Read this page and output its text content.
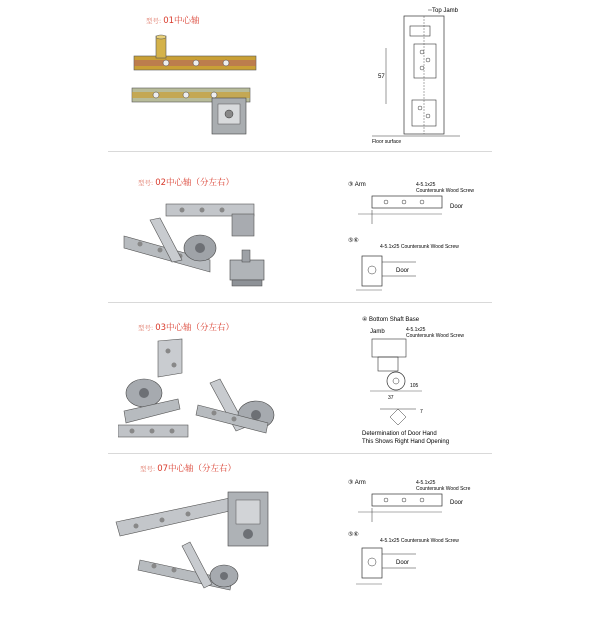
型号: 01中心轴
Top Jamb
57
Floor surface
型号: 02中心轴（分左右）	③ Arm	4-5.1x25
Countersunk Wood Screw
Door
⑤⑥
4-5.1x25 Countersunk Wood Screw
Door
型号: 03中心轴（分左右）
④ Bottom Shaft Base
Jamb	4-5.1x25
Countersunk Wood Screw
105
37
7
Determination of Door Hand
This Shows Right Hand Opening
型号: 07中心轴（分左右）
③ Arm	4-5.1x25
Countersunk Wood Scre
Door
⑤⑥
4-5.1x25 Countersunk Wood Screw
Door
